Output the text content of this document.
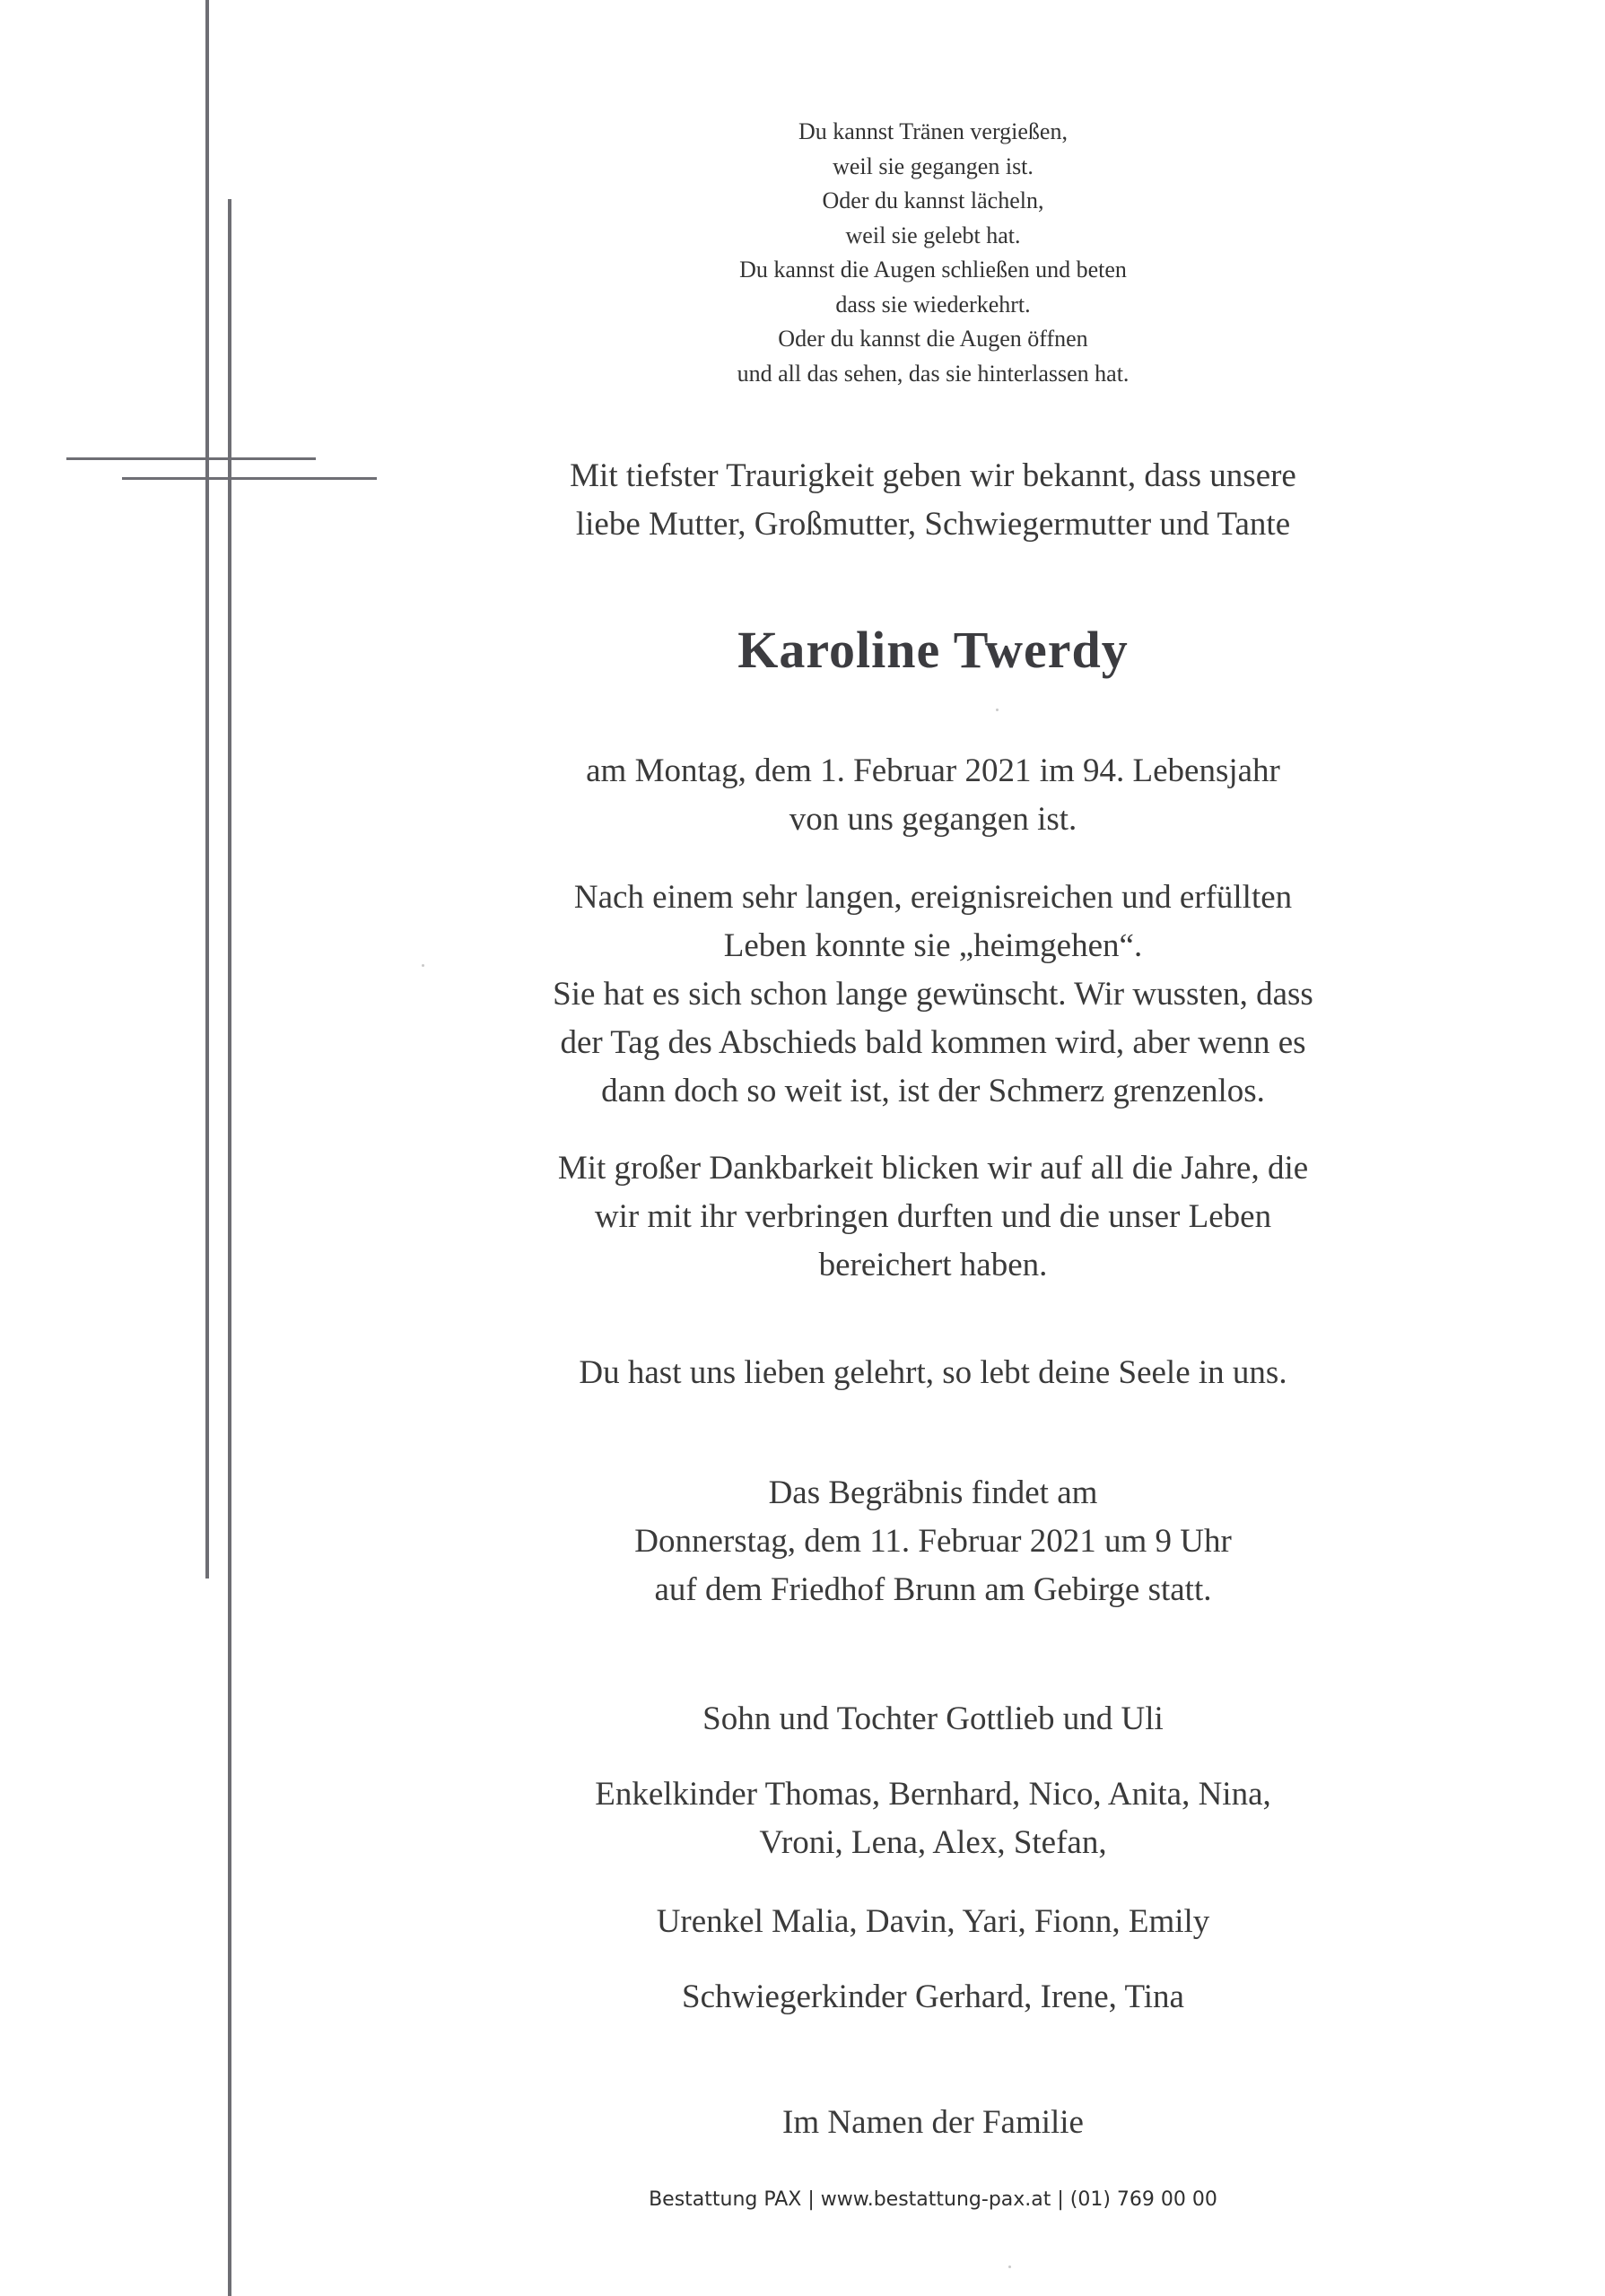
Du kannst Tränen vergießen,
weil sie gegangen ist.
Oder du kannst lächeln,
weil sie gelebt hat.
Du kannst die Augen schließen und beten
dass sie wiederkehrt.
Oder du kannst die Augen öffnen
und all das sehen, das sie hinterlassen hat.
Mit tiefster Traurigkeit geben wir bekannt, dass unsere
liebe Mutter, Großmutter, Schwiegermutter und Tante
Karoline Twerdy
am Montag, dem 1. Februar 2021 im 94. Lebensjahr
von uns gegangen ist.
Nach einem sehr langen, ereignisreichen und erfüllten
Leben konnte sie „heimgehen“.
Sie hat es sich schon lange gewünscht. Wir wussten, dass
der Tag des Abschieds bald kommen wird, aber wenn es
dann doch so weit ist, ist der Schmerz grenzenlos.
Mit großer Dankbarkeit blicken wir auf all die Jahre, die
wir mit ihr verbringen durften und die unser Leben
bereichert haben.
Du hast uns lieben gelehrt, so lebt deine Seele in uns.
Das Begräbnis findet am
Donnerstag, dem 11. Februar 2021 um 9 Uhr
auf dem Friedhof Brunn am Gebirge statt.
Sohn und Tochter Gottlieb und Uli
Enkelkinder Thomas, Bernhard, Nico, Anita, Nina,
Vroni, Lena, Alex, Stefan,
Urenkel Malia, Davin, Yari, Fionn, Emily
Schwiegerkinder Gerhard, Irene, Tina
Im Namen der Familie
Bestattung PAX | www.bestattung-pax.at | (01) 769 00 00
